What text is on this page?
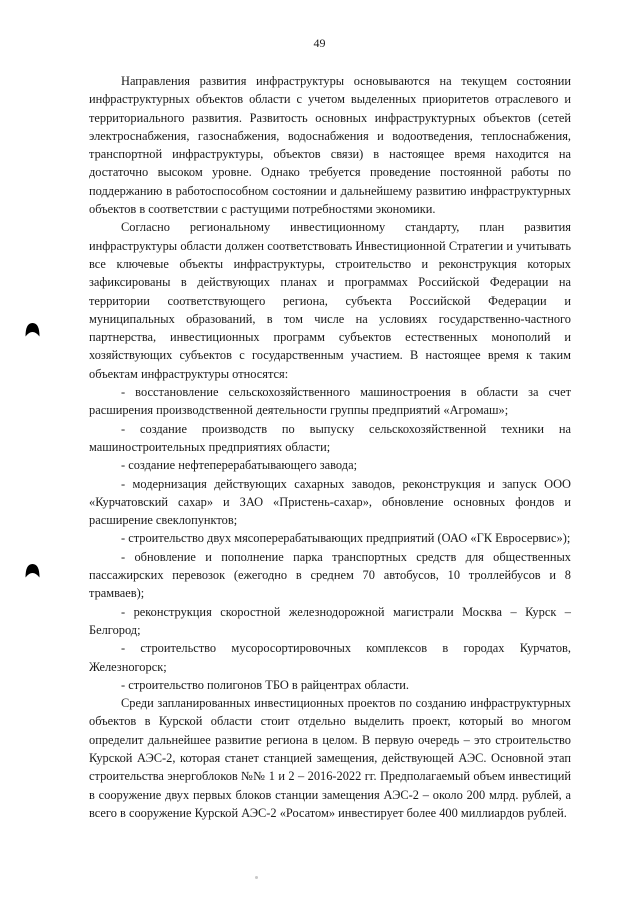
49

Направления развития инфраструктуры основываются на текущем состоянии инфраструктурных объектов области с учетом выделенных приоритетов отраслевого и территориального развития. Развитость основных инфраструктурных объектов (сетей электроснабжения, газоснабжения, водоснабжения и водоотведения, теплоснабжения, транспортной инфраструктуры, объектов связи) в настоящее время находится на достаточно высоком уровне. Однако требуется проведение постоянной работы по поддержанию в работоспособном состоянии и дальнейшему развитию инфраструктурных объектов в соответствии с растущими потребностями экономики.

Согласно региональному инвестиционному стандарту, план развития инфраструктуры области должен соответствовать Инвестиционной Стратегии и учитывать все ключевые объекты инфраструктуры, строительство и реконструкция которых зафиксированы в действующих планах и программах Российской Федерации на территории соответствующего региона, субъекта Российской Федерации и муниципальных образований, в том числе на условиях государственно-частного партнерства, инвестиционных программ субъектов естественных монополий и хозяйствующих субъектов с государственным участием. В настоящее время к таким объектам инфраструктуры относятся:

- восстановление сельскохозяйственного машиностроения в области за счет расширения производственной деятельности группы предприятий «Агромаш»;

- создание производств по выпуску сельскохозяйственной техники на машиностроительных предприятиях области;

- создание нефтеперерабатывающего завода;

- модернизация действующих сахарных заводов, реконструкция и запуск ООО «Курчатовский сахар» и ЗАО «Пристень-сахар», обновление основных фондов и расширение свеклопунктов;

- строительство двух мясоперерабатывающих предприятий (ОАО «ГК Евросервис»);

- обновление и пополнение парка транспортных средств для общественных пассажирских перевозок (ежегодно в среднем 70 автобусов, 10 троллейбусов и 8 трамваев);

- реконструкция скоростной железнодорожной магистрали Москва – Курск – Белгород;

- строительство мусоросортировочных комплексов в городах Курчатов, Железногорск;

- строительство полигонов ТБО в райцентрах области.

Среди запланированных инвестиционных проектов по созданию инфраструктурных объектов в Курской области стоит отдельно выделить проект, который во многом определит дальнейшее развитие региона в целом. В первую очередь – это строительство Курской АЭС-2, которая станет станцией замещения, действующей АЭС. Основной этап строительства энергоблоков №№ 1 и 2 – 2016-2022 гг. Предполагаемый объем инвестиций в сооружение двух первых блоков станции замещения АЭС-2 – около 200 млрд. рублей, а всего в сооружение Курской АЭС-2 «Росатом» инвестирует более 400 миллиардов рублей.
